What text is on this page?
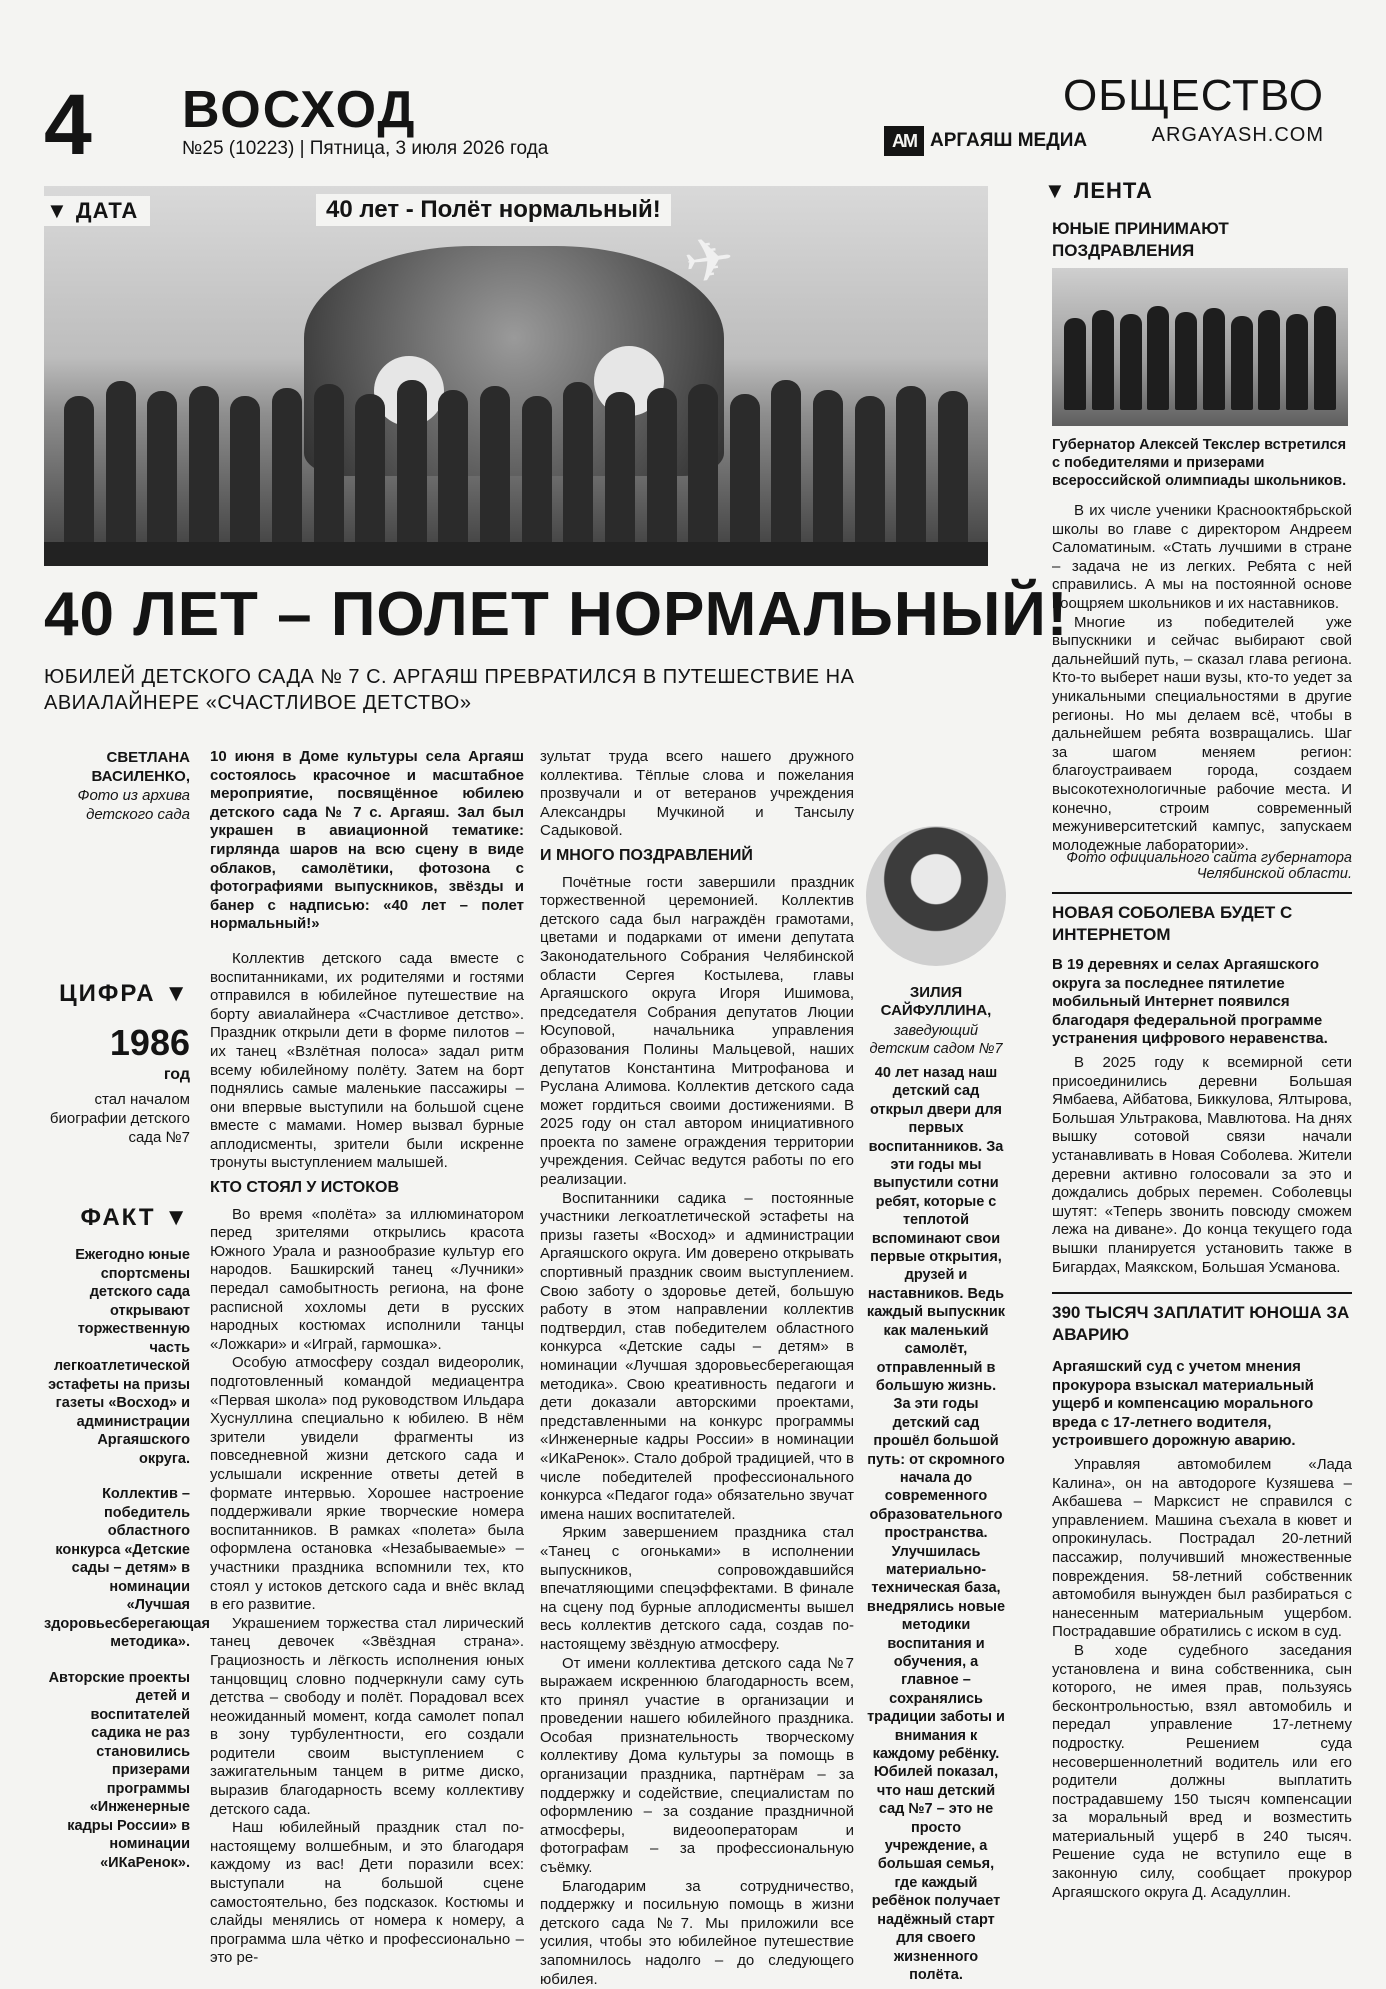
4 ВОСХОД
№25 (10223) | Пятница, 3 июля 2026 года
ОБЩЕСТВО
AM АРГАЯШ МЕДИА	ARGAYASH.COM
✈
▼ ДАТА	40 лет - Полёт нормальный!
40 ЛЕТ – ПОЛЕТ НОРМАЛЬНЫЙ!
ЮБИЛЕЙ ДЕТСКОГО САДА № 7 С. АРГАЯШ ПРЕВРАТИЛСЯ В ПУТЕШЕСТВИЕ НА АВИАЛАЙНЕРЕ «СЧАСТЛИВОЕ ДЕТСТВО»
СВЕТЛАНА ВАСИЛЕНКО,
Фото из архива детского сада
ЦИФРА ▼
1986
год
стал началом биографии детского сада №7
ФАКТ ▼

Ежегодно юные спортсмены детского сада открывают торжественную часть легкоатлетической эстафеты на призы газеты «Восход» и администрации Аргаяшского округа.

Коллектив – победитель областного конкурса «Детские сады – детям» в номинации «Лучшая здоровьесберегающая методика».

Авторские проекты детей и воспитателей садика не раз становились призерами программы «Инженерные кадры России» в номинации «ИКаРенок».

10 июня в Доме культуры села Аргаяш состоялось красочное и масштабное мероприятие, посвящённое юбилею детского сада № 7 с. Аргаяш. Зал был украшен в авиационной тематике: гирлянда шаров на всю сцену в виде облаков, самолётики, фотозона с фотографиями выпускников, звёзды и банер с надписью: «40 лет – полет нормальный!»

Коллектив детского сада вместе с воспитанниками, их родителями и гостями отправился в юбилейное путешествие на борту авиалайнера «Счастливое детство». Праздник открыли дети в форме пилотов – их танец «Взлётная полоса» задал ритм всему юбилейному полёту. Затем на борт поднялись самые маленькие пассажиры – они впервые выступили на большой сцене вместе с мамами. Номер вызвал бурные аплодисменты, зрители были искренне тронуты выступлением малышей.

КТО СТОЯЛ У ИСТОКОВ

Во время «полёта» за иллюминатором перед зрителями открылись красота Южного Урала и разнообразие культур его народов. Башкирский танец «Лучники» передал самобытность региона, на фоне расписной хохломы дети в русских народных костюмах исполнили танцы «Ложкари» и «Играй, гармошка».

Особую атмосферу создал видеоролик, подготовленный командой медиацентра «Первая школа» под руководством Ильдара Хуснуллина специально к юбилею. В нём зрители увидели фрагменты из повседневной жизни детского сада и услышали искренние ответы детей в формате интервью. Хорошее настроение поддерживали яркие творческие номера воспитанников. В рамках «полета» была оформлена остановка «Незабываемые» – участники праздника вспомнили тех, кто стоял у истоков детского сада и внёс вклад в его развитие.

Украшением торжества стал лирический танец девочек «Звёздная страна». Грациозность и лёгкость исполнения юных танцовщиц словно подчеркнули саму суть детства – свободу и полёт. Порадовал всех неожиданный момент, когда самолет попал в зону турбулентности, его создали родители своим выступлением с зажигательным танцем в ритме диско, выразив благодарность всему коллективу детского сада.

Наш юбилейный праздник стал по-настоящему волшебным, и это благодаря каждому из вас! Дети поразили всех: выступали на большой сцене самостоятельно, без подсказок. Костюмы и слайды менялись от номера к номеру, а программа шла чётко и профессионально – это ре-

зультат труда всего нашего дружного коллектива. Тёплые слова и пожелания прозвучали и от ветеранов учреждения Александры Мучкиной и Тансылу Садыковой.

И МНОГО ПОЗДРАВЛЕНИЙ

Почётные гости завершили праздник торжественной церемонией. Коллектив детского сада был награждён грамотами, цветами и подарками от имени депутата Законодательного Собрания Челябинской области Сергея Костылева, главы Аргаяшского округа Игоря Ишимова, председателя Собрания депутатов Люции Юсуповой, начальника управления образования Полины Мальцевой, наших депутатов Константина Митрофанова и Руслана Алимова. Коллектив детского сада может гордиться своими достижениями. В 2025 году он стал автором инициативного проекта по замене ограждения территории учреждения. Сейчас ведутся работы по его реализации.

Воспитанники садика – постоянные участники легкоатлетической эстафеты на призы газеты «Восход» и администрации Аргаяшского округа. Им доверено открывать спортивный праздник своим выступлением. Свою заботу о здоровье детей, большую работу в этом направлении коллектив подтвердил, став победителем областного конкурса «Детские сады – детям» в номинации «Лучшая здоровьесберегающая методика». Свою креативность педагоги и дети доказали авторскими проектами, представленными на конкурс программы «Инженерные кадры России» в номинации «ИКаРенок». Стало доброй традицией, что в числе победителей профессионального конкурса «Педагог года» обязательно звучат имена наших воспитателей.

Ярким завершением праздника стал «Танец с огоньками» в исполнении выпускников, сопровождавшийся впечатляющими спецэффектами. В финале на сцену под бурные аплодисменты вышел весь коллектив детского сада, создав по-настоящему звёздную атмосферу.

От имени коллектива детского сада №7 выражаем искреннюю благодарность всем, кто принял участие в организации и проведении нашего юбилейного праздника. Особая признательность творческому коллективу Дома культуры за помощь в организации праздника, партнёрам – за поддержку и содействие, специалистам по оформлению – за создание праздничной атмосферы, видеооператорам и фотографам – за профессиональную съёмку.

Благодарим за сотрудничество, поддержку и посильную помощь в жизни детского сада №7. Мы приложили все усилия, чтобы это юбилейное путешествие запомнилось надолго – до следующего юбилея.

ЗИЛИЯ САЙФУЛЛИНА,
заведующий детским садом №7
40 лет назад наш детский сад открыл двери для первых воспитанников. За эти годы мы выпустили сотни ребят, которые с теплотой вспоминают свои первые открытия, друзей и наставников. Ведь каждый выпускник как маленький самолёт, отправленный в большую жизнь. За эти годы детский сад прошёл большой путь: от скромного начала до современного образовательного пространства. Улучшилась материально-техническая база, внедрялись новые методики воспитания и обучения, а главное – сохранялись традиции заботы и внимания к каждому ребёнку. Юбилей показал, что наш детский сад №7 – это не просто учреждение, а большая семья, где каждый ребёнок получает надёжный старт для своего жизненного полёта.
▼ ЛЕНТА
ЮНЫЕ ПРИНИМАЮТ ПОЗДРАВЛЕНИЯ
Губернатор Алексей Текслер встретился с победителями и призерами всероссийской олимпиады школьников.

В их числе ученики Краснооктябрьской школы во главе с директором Андреем Саломатиным. «Стать лучшими в стране – задача не из легких. Ребята с ней справились. А мы на постоянной основе поощряем школьников и их наставников.

Многие из победителей уже выпускники и сейчас выбирают свой дальнейший путь, – сказал глава региона. Кто-то выберет наши вузы, кто-то уедет за уникальными специальностями в другие регионы. Но мы делаем всё, чтобы в дальнейшем ребята возвращались. Шаг за шагом меняем регион: благоустраиваем города, создаем высокотехнологичные рабочие места. И конечно, строим современный межуниверситетский кампус, запускаем молодежные лаборатории».

Фото официального сайта губернатора Челябинской области.
НОВАЯ СОБОЛЕВА БУДЕТ С ИНТЕРНЕТОМ
В 19 деревнях и селах Аргаяшского округа за последнее пятилетие мобильный Интернет появился благодаря федеральной программе устранения цифрового неравенства.

В 2025 году к всемирной сети присоединились деревни Большая Ямбаева, Айбатова, Биккулова, Ялтырова, Большая Ультракова, Мавлютова. На днях вышку сотовой связи начали устанавливать в Новая Соболева. Жители деревни активно голосовали за это и дождались добрых перемен. Соболевцы шутят: «Теперь звонить повсюду сможем лежа на диване». До конца текущего года вышки планируется установить также в Бигардах, Маякском, Большая Усманова.

390 ТЫСЯЧ ЗАПЛАТИТ ЮНОША ЗА АВАРИЮ
Аргаяшский суд с учетом мнения прокурора взыскал материальный ущерб и компенсацию морального вреда с 17-летнего водителя, устроившего дорожную аварию.

Управляя автомобилем «Лада Калина», он на автодороге Кузяшева – Акбашева – Марксист не справился с управлением. Машина съехала в кювет и опрокинулась. Пострадал 20-летний пассажир, получивший множественные повреждения. 58-летний собственник автомобиля вынужден был разбираться с нанесенным материальным ущербом. Пострадавшие обратились с иском в суд.

В ходе судебного заседания установлена и вина собственника, сын которого, не имея прав, пользуясь бесконтрольностью, взял автомобиль и передал управление 17-летнему подростку. Решением суда несовершеннолетний водитель или его родители должны выплатить пострадавшему 150 тысяч компенсации за моральный вред и возместить материальный ущерб в 240 тысяч. Решение суда не вступило еще в законную силу, сообщает прокурор Аргаяшского округа Д. Асадуллин.
